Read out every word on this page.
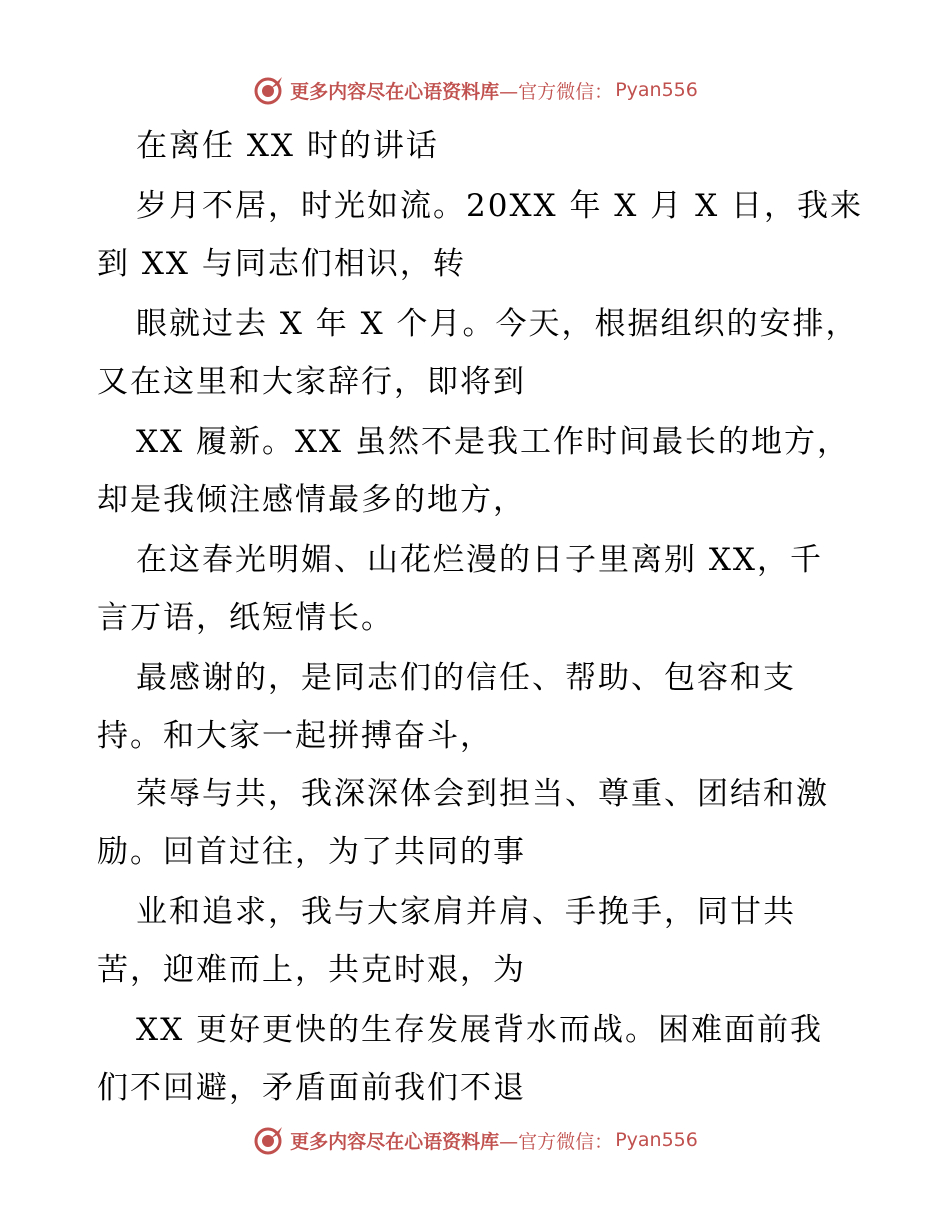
更多内容尽在心语资料库 —官方微信： Pyan556
在离任 XX 时的讲话
岁月不居，时光如流。20XX 年 X 月 X 日，我来
到 XX 与同志们相识，转
眼就过去 X 年 X 个月。今天，根据组织的安排，
又在这里和大家辞行，即将到
XX 履新。XX 虽然不是我工作时间最长的地方，
却是我倾注感情最多的地方，
在这春光明媚、山花烂漫的日子里离别 XX，千
言万语，纸短情长。
最感谢的，是同志们的信任、帮助、包容和支
持。和大家一起拼搏奋斗，
荣辱与共，我深深体会到担当、尊重、团结和激
励。回首过往，为了共同的事
业和追求，我与大家肩并肩、手挽手，同甘共
苦，迎难而上，共克时艰，为
XX 更好更快的生存发展背水而战。困难面前我
们不回避，矛盾面前我们不退
更多内容尽在心语资料库 —官方微信： Pyan556
